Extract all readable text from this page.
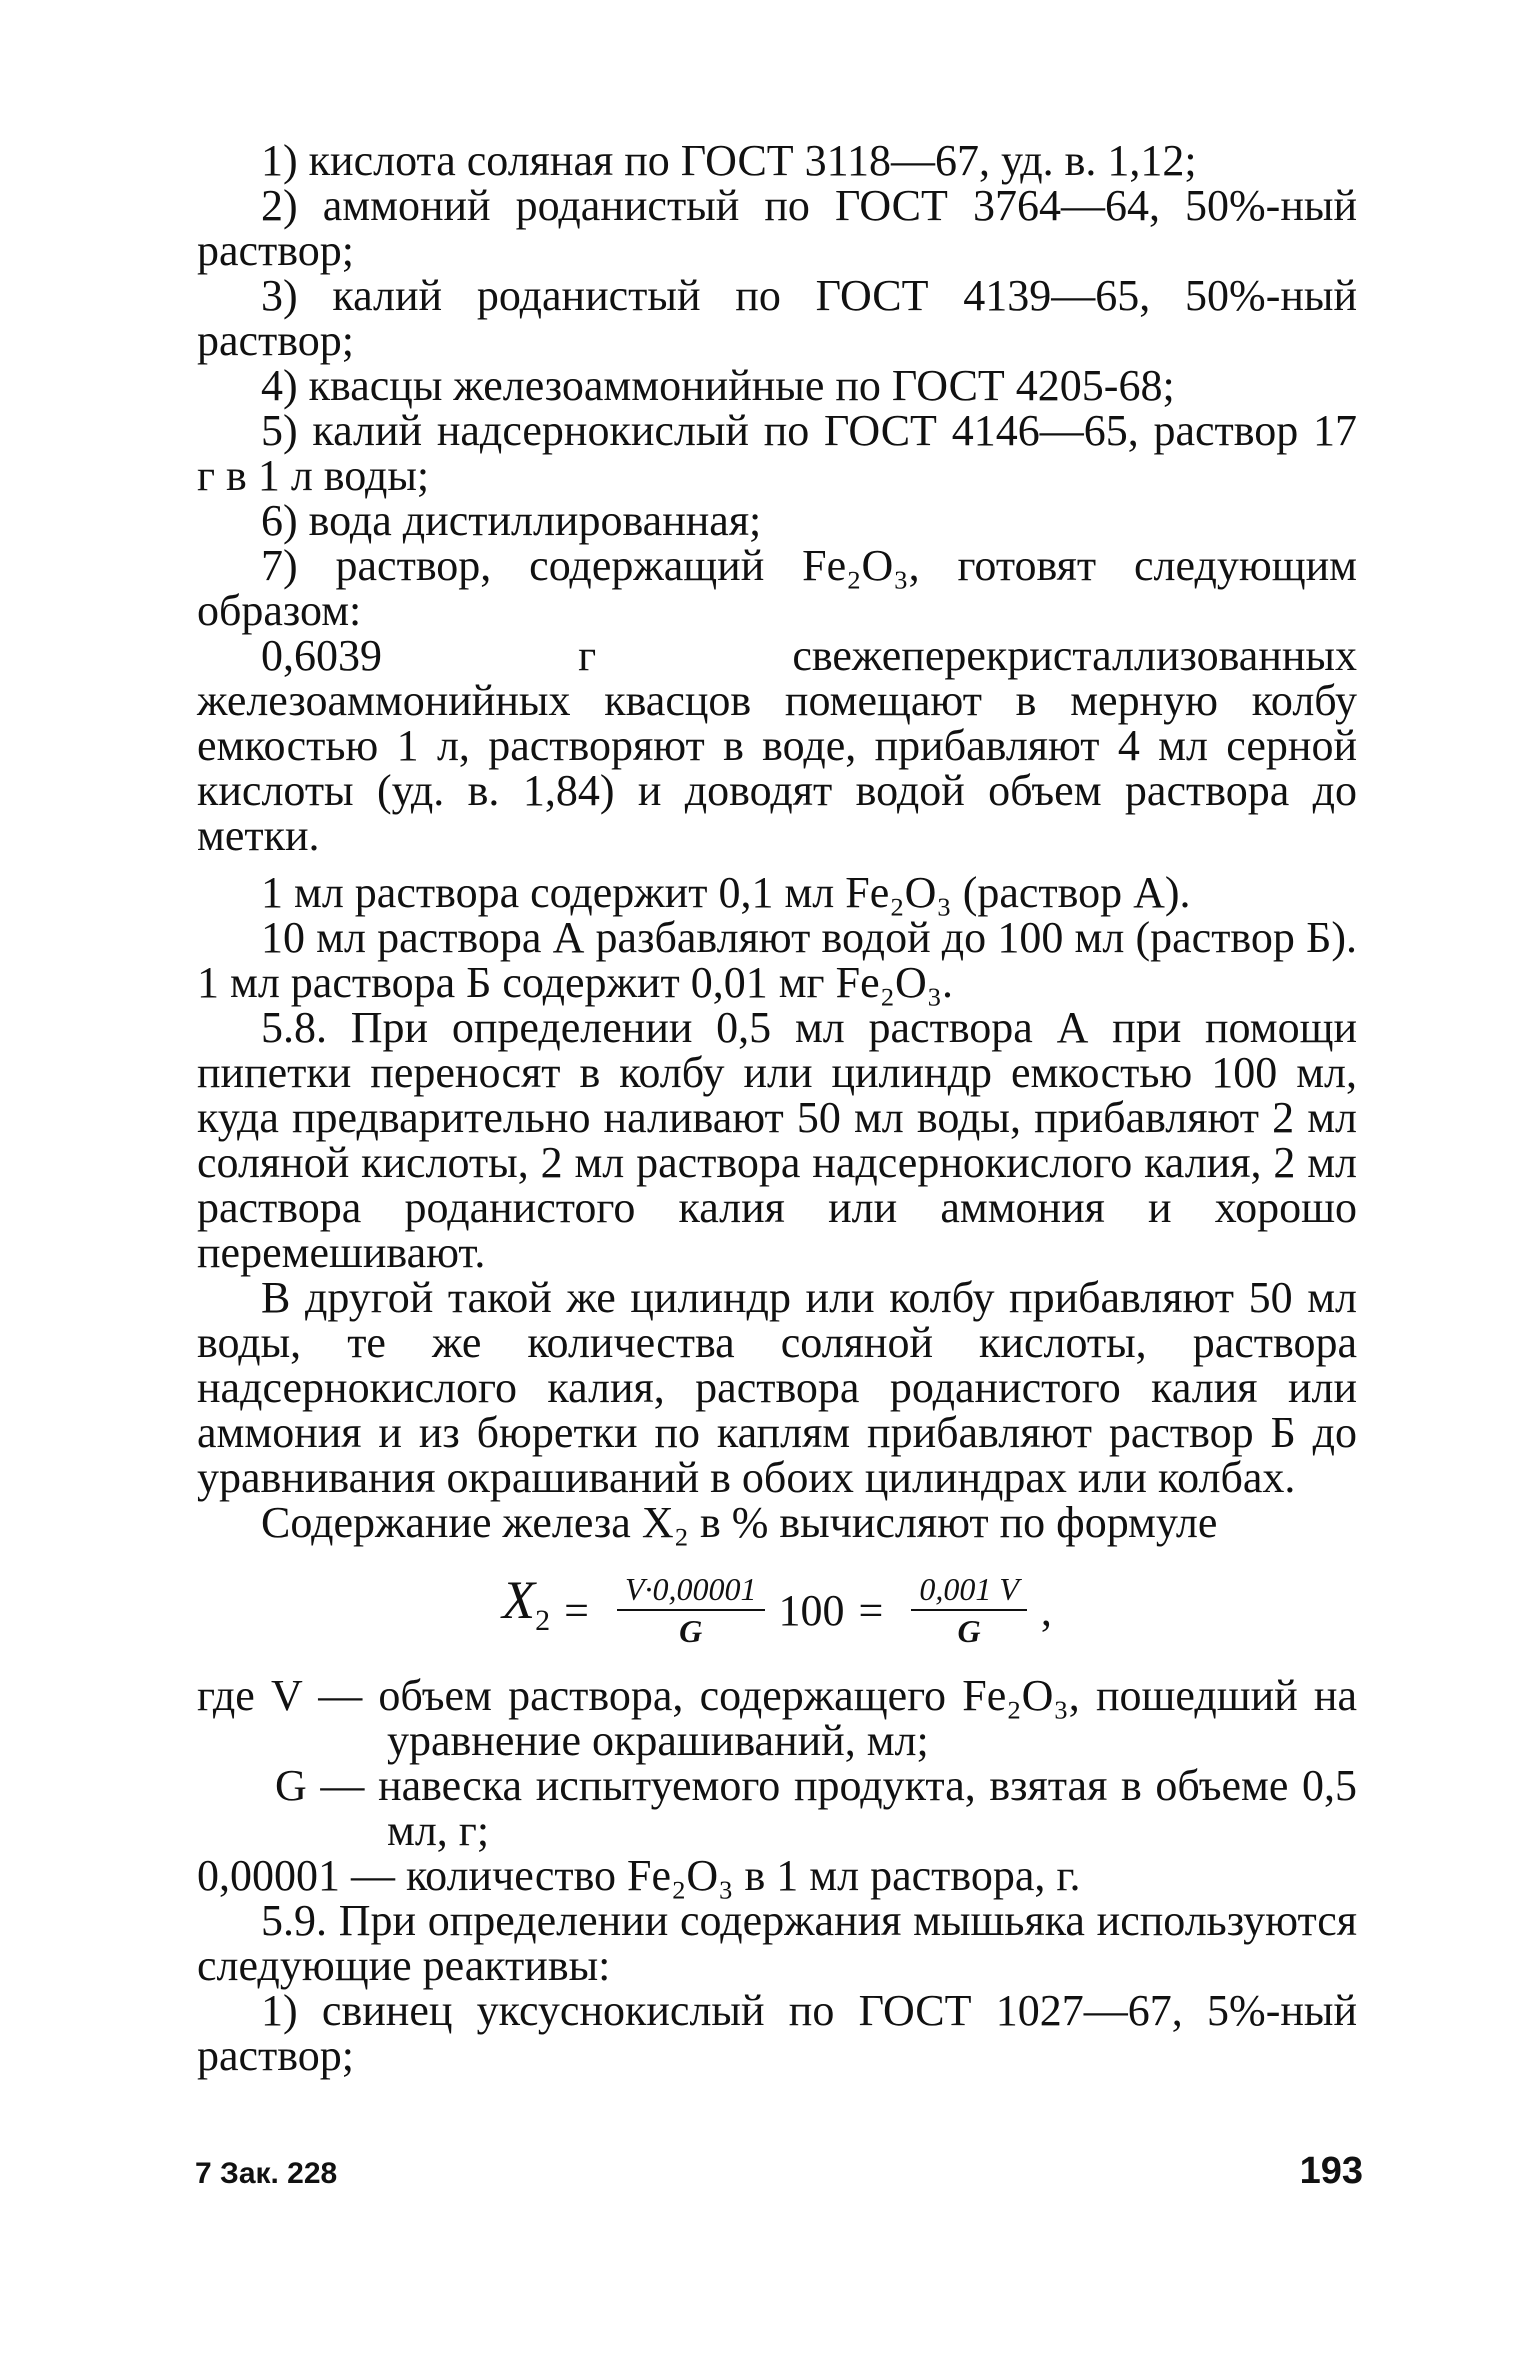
1) кислота соляная по ГОСТ 3118—67, уд. в. 1,12;

2) аммоний роданистый по ГОСТ 3764—64, 50%-ный раствор;

3) калий роданистый по ГОСТ 4139—65, 50%-ный раствор;

4) квасцы железоаммонийные по ГОСТ 4205-68;

5) калий надсернокислый по ГОСТ 4146—65, раствор 17 г в 1 л воды;

6) вода дистиллированная;

7) раствор, содержащий Fe₂O₃, готовят следующим образом:

0,6039 г свежеперекристаллизованных железоаммонийных квасцов помещают в мерную колбу емкостью 1 л, растворяют в воде, прибавляют 4 мл серной кислоты (уд. в. 1,84) и доводят водой объем раствора до метки.

1 мл раствора содержит 0,1 мл Fe₂O₃ (раствор А).

10 мл раствора А разбавляют водой до 100 мл (раствор Б). 1 мл раствора Б содержит 0,01 мг Fe₂O₃.

5.8. При определении 0,5 мл раствора А при помощи пипетки переносят в колбу или цилиндр емкостью 100 мл, куда предварительно наливают 50 мл воды, прибавляют 2 мл соляной кислоты, 2 мл раствора надсернокислого калия, 2 мл раствора роданистого калия или аммония и хорошо перемешивают.

В другой такой же цилиндр или колбу прибавляют 50 мл воды, те же количества соляной кислоты, раствора надсернокислого калия, раствора роданистого калия или аммония и из бюретки по каплям прибавляют раствор Б до уравнивания окрашиваний в обоих цилиндрах или колбах.

Содержание железа X₂ в % вычисляют по формуле

$X_2 = \frac{V\cdot 0,00001}{G} 100 = \frac{0,001 V}{G}$ ,

где V — объем раствора, содержащего Fe₂O₃, пошедший на уравнение окрашиваний, мл;

G — навеска испытуемого продукта, взятая в объеме 0,5 мл, г;

0,00001 — количество Fe₂O₃ в 1 мл раствора, г.

5.9. При определении содержания мышьяка используются следующие реактивы:

1) свинец уксуснокислый по ГОСТ 1027—67, 5%-ный раствор;

7 Зак. 228	193
